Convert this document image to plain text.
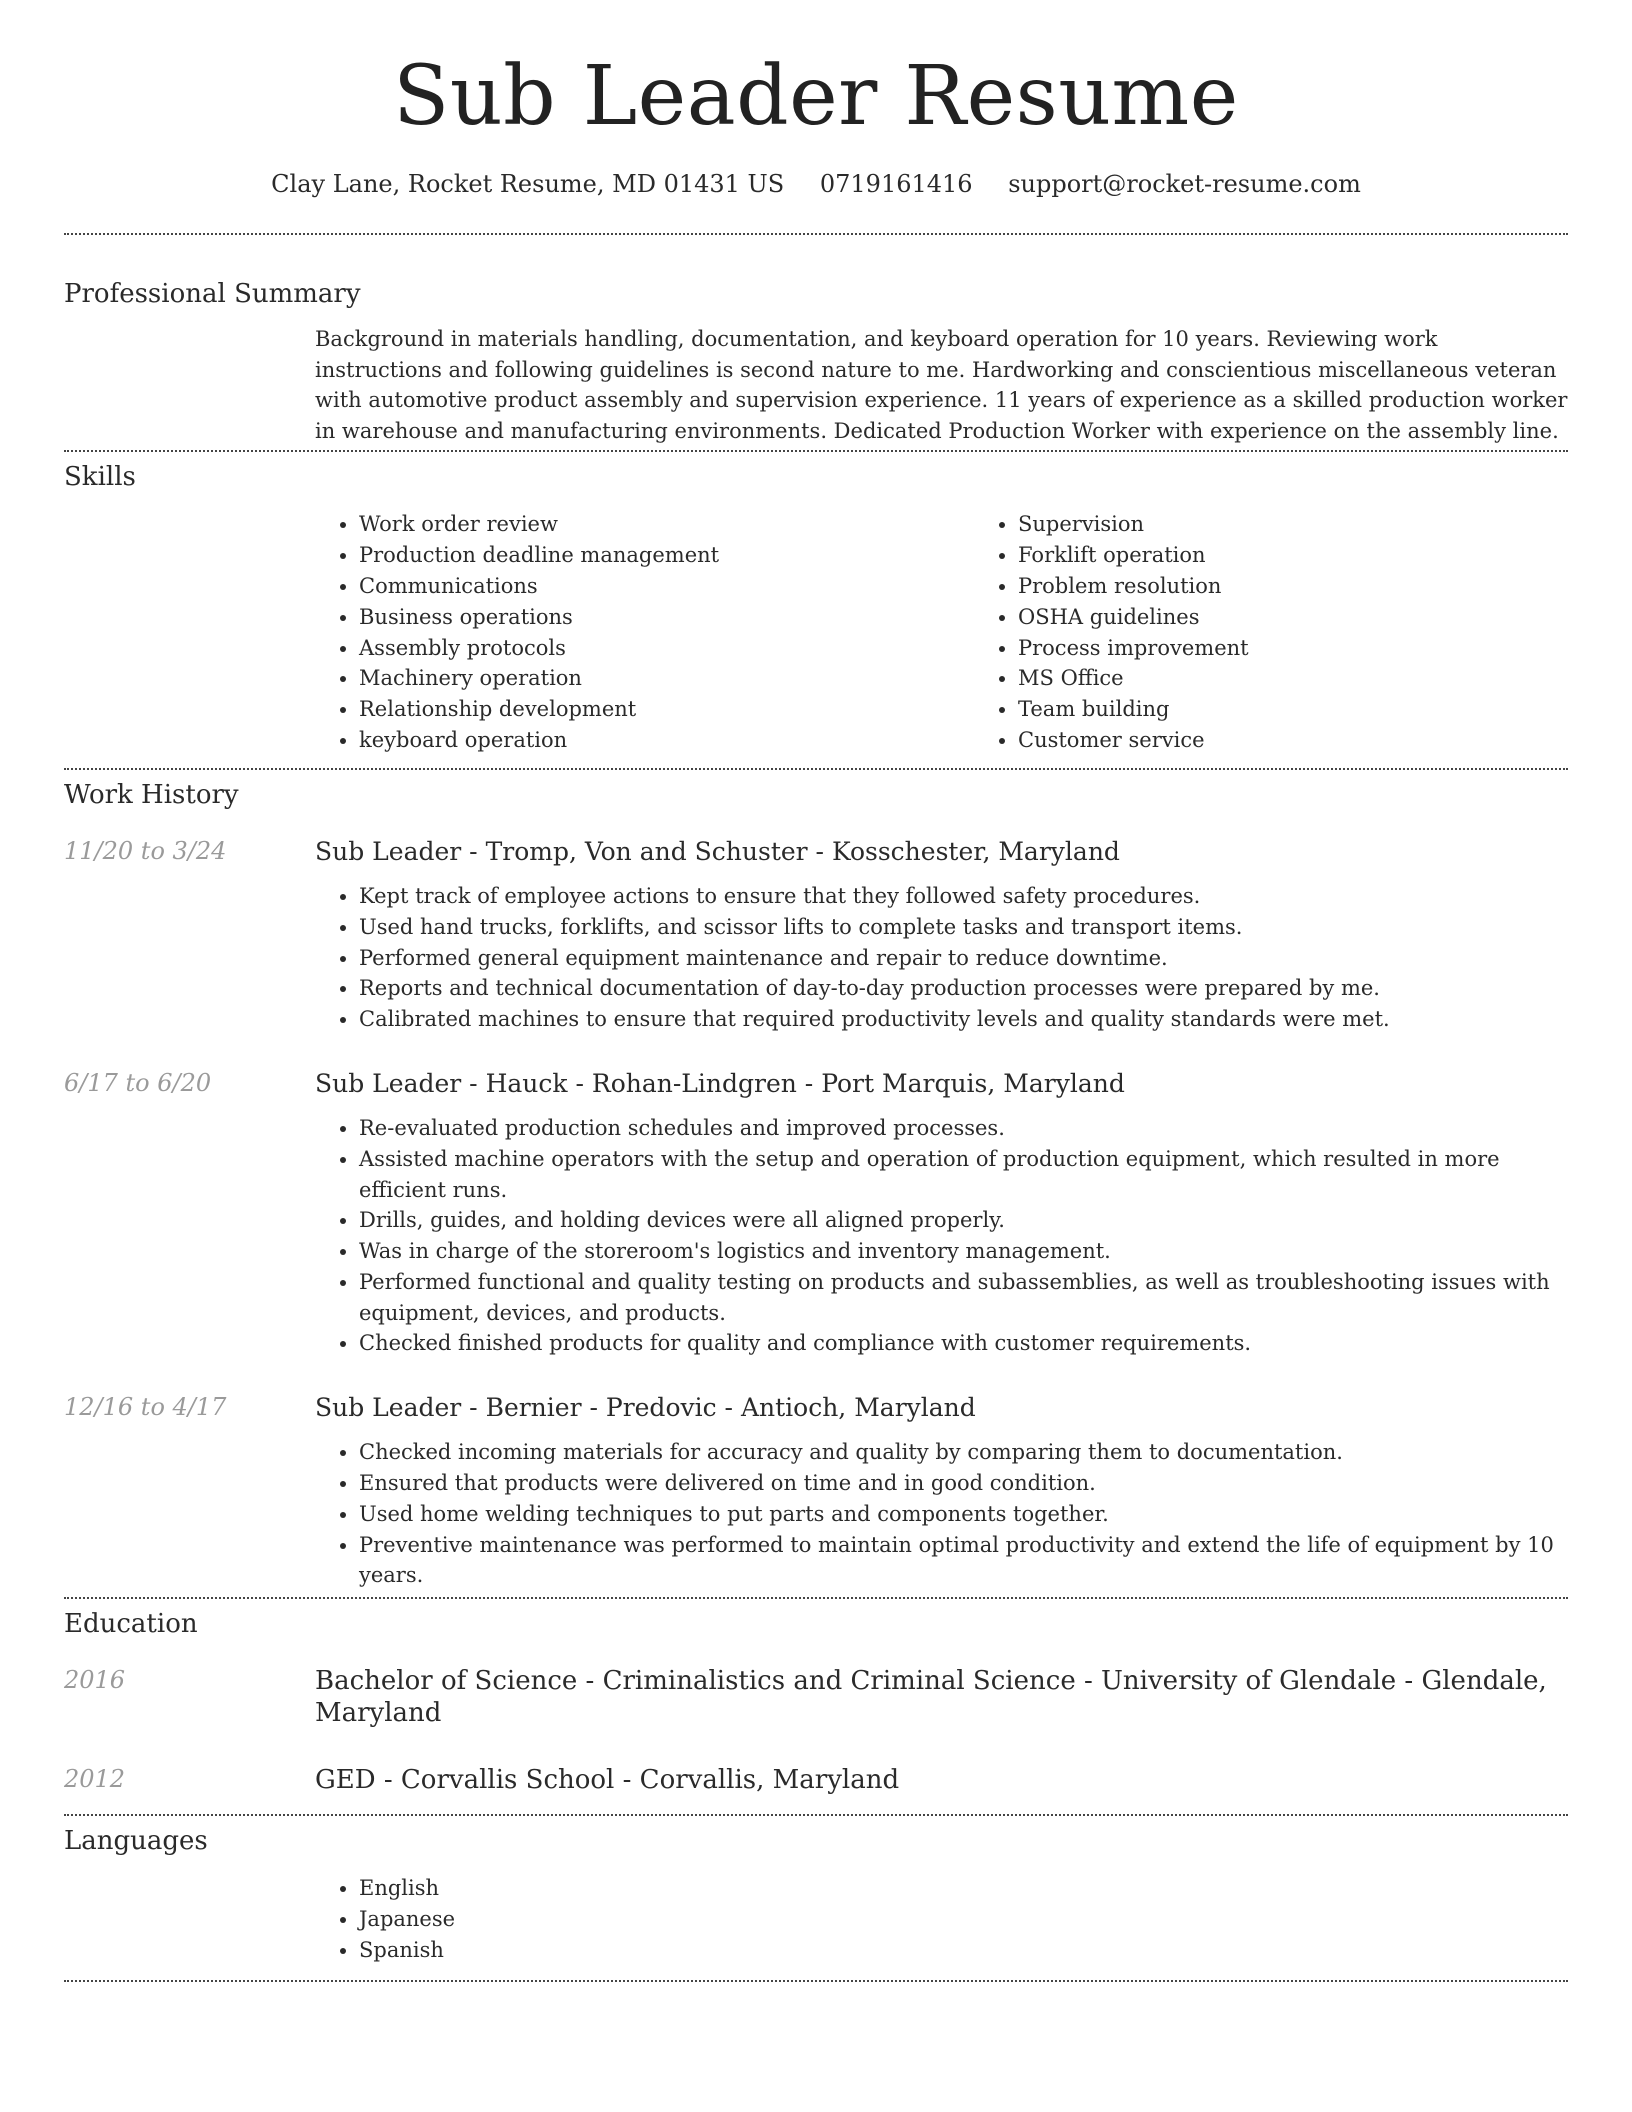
Sub Leader Resume
Clay Lane, Rocket Resume, MD 01431 US 0719161416 support@rocket-resume.com
Professional Summary

Background in materials handling, documentation, and keyboard operation for 10 years. Reviewing work instructions and following guidelines is second nature to me. Hardworking and conscientious miscellaneous veteran with automotive product assembly and supervision experience. 11 years of experience as a skilled production worker in warehouse and manufacturing environments. Dedicated Production Worker with experience on the assembly line.

Skills
• Work order review
• Production deadline management
• Communications
• Business operations
• Assembly protocols
• Machinery operation
• Relationship development
• keyboard operation
• Supervision
• Forklift operation
• Problem resolution
• OSHA guidelines
• Process improvement
• MS Office
• Team building
• Customer service
Work History
11/20 to 3/24	Sub Leader - Tromp, Von and Schuster - Kosschester, Maryland
• Kept track of employee actions to ensure that they followed safety procedures.
• Used hand trucks, forklifts, and scissor lifts to complete tasks and transport items.
• Performed general equipment maintenance and repair to reduce downtime.
• Reports and technical documentation of day-to-day production processes were prepared by me.
• Calibrated machines to ensure that required productivity levels and quality standards were met.
6/17 to 6/20	Sub Leader - Hauck - Rohan-Lindgren - Port Marquis, Maryland
• Re-evaluated production schedules and improved processes.
• Assisted machine operators with the setup and operation of production equipment, which resulted in more efficient runs.
• Drills, guides, and holding devices were all aligned properly.
• Was in charge of the storeroom's logistics and inventory management.
• Performed functional and quality testing on products and subassemblies, as well as troubleshooting issues with equipment, devices, and products.
• Checked finished products for quality and compliance with customer requirements.
12/16 to 4/17	Sub Leader - Bernier - Predovic - Antioch, Maryland
• Checked incoming materials for accuracy and quality by comparing them to documentation.
• Ensured that products were delivered on time and in good condition.
• Used home welding techniques to put parts and components together.
• Preventive maintenance was performed to maintain optimal productivity and extend the life of equipment by 10 years.
Education
2016	Bachelor of Science - Criminalistics and Criminal Science - University of Glendale - Glendale, Maryland
2012	GED - Corvallis School - Corvallis, Maryland
Languages
• English
• Japanese
• Spanish
